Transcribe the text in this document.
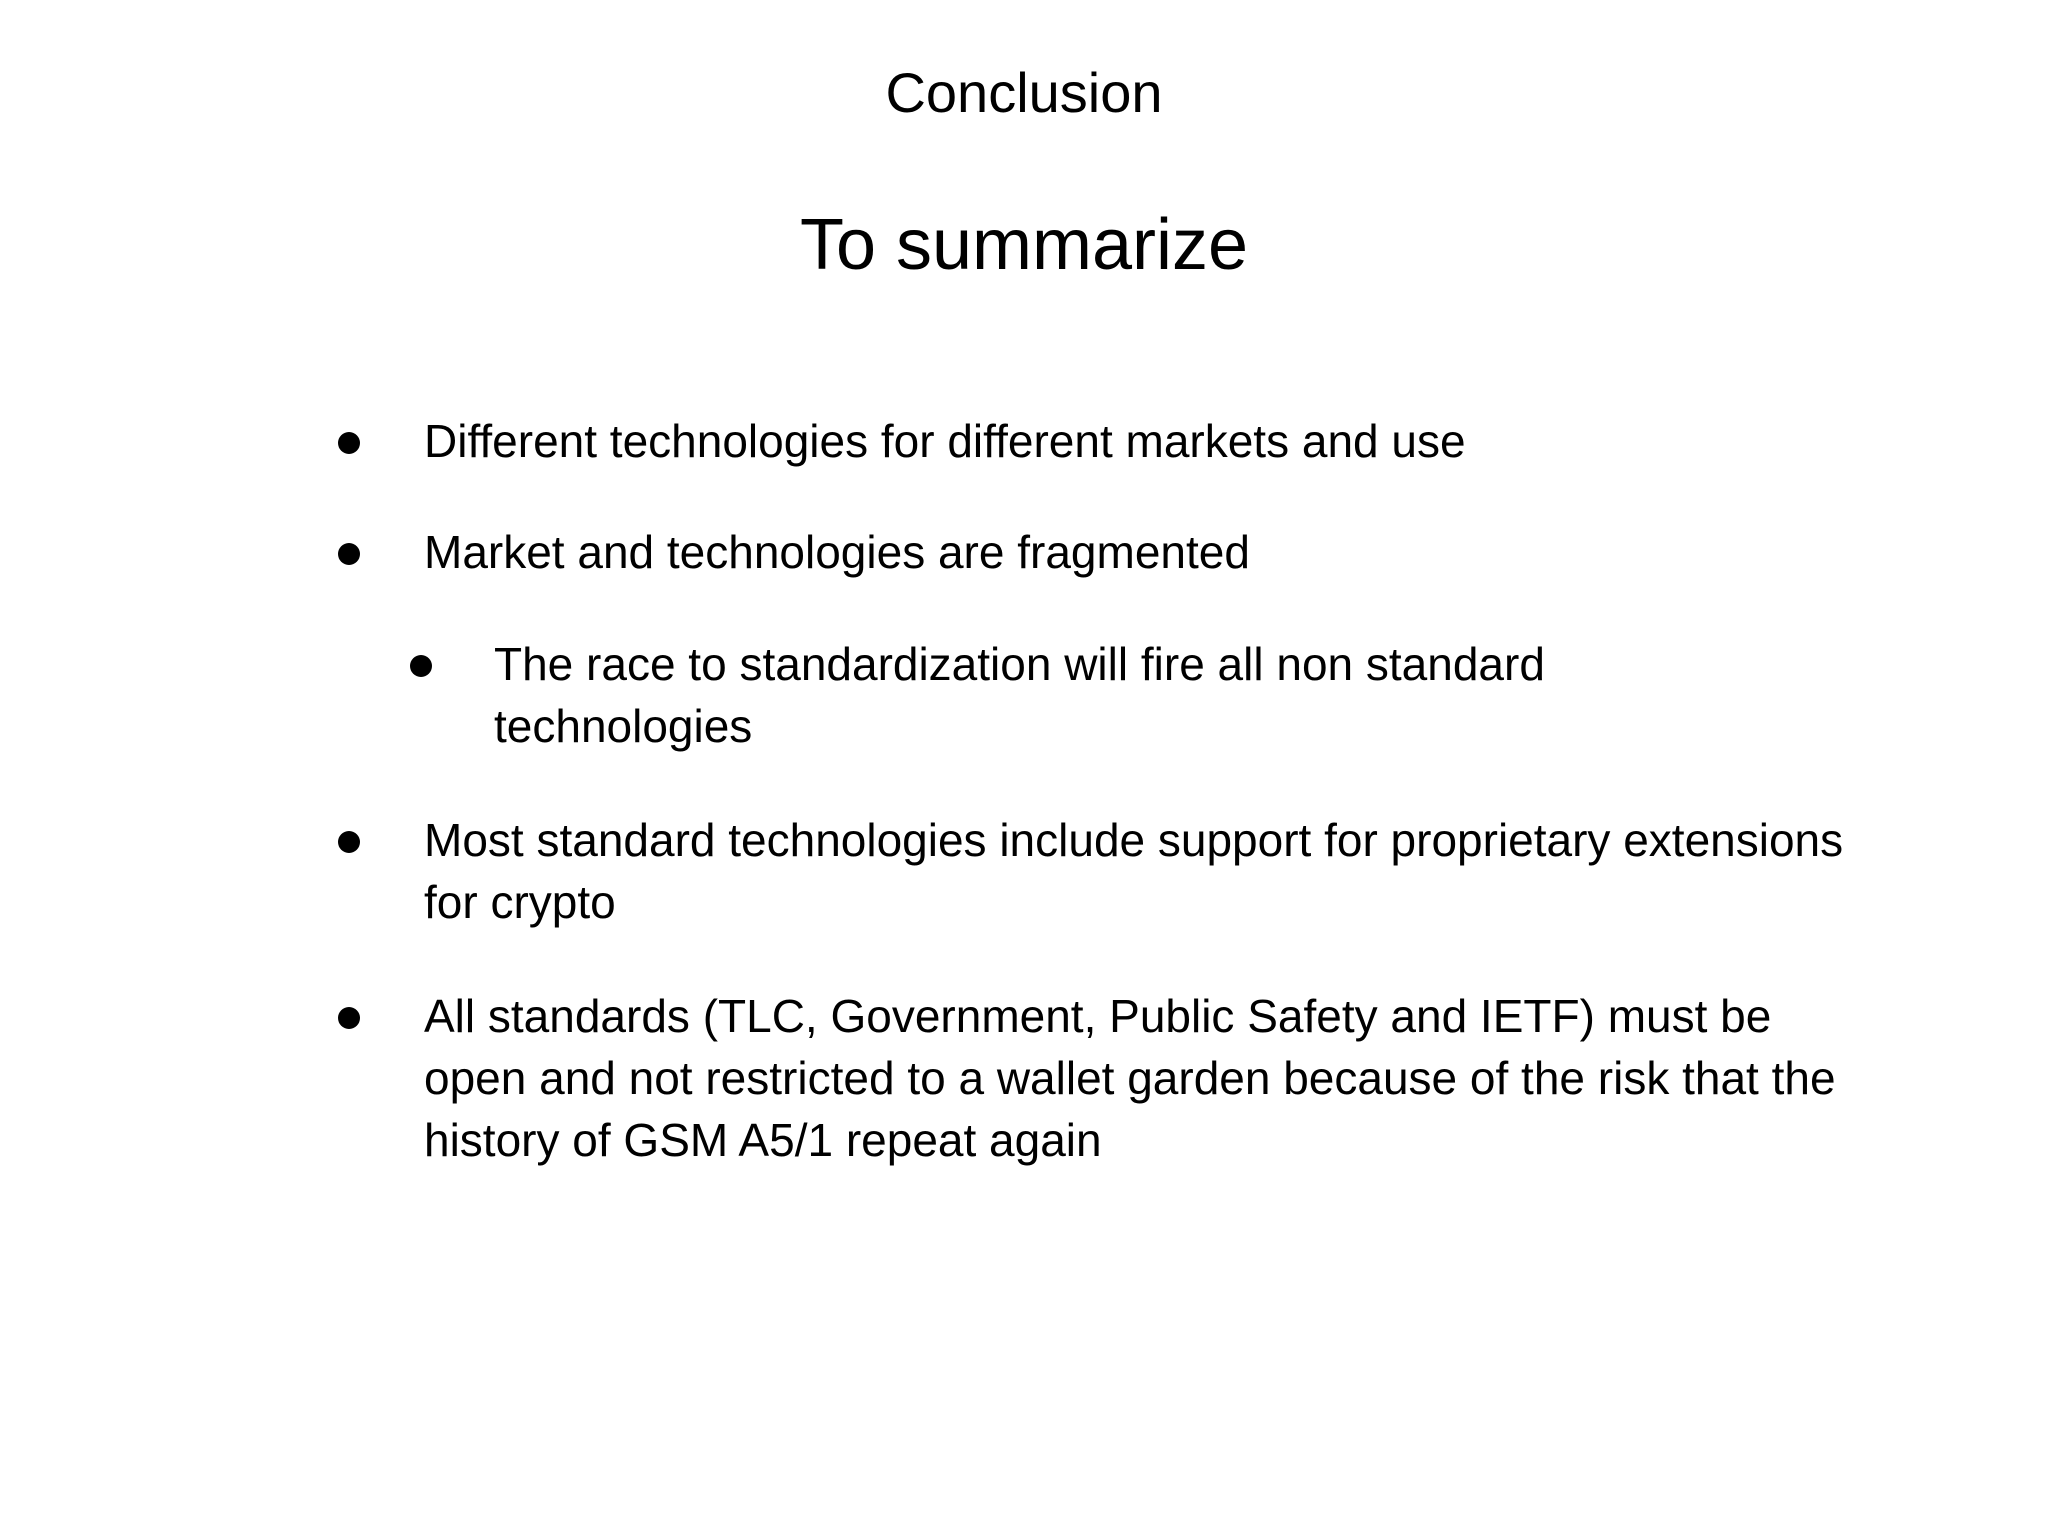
Conclusion
To summarize
Different technologies for different markets and use
Market and technologies are fragmented
The race to standardization will fire all non standard technologies
Most standard technologies include support for proprietary extensions for crypto
All standards (TLC, Government, Public Safety and IETF) must be open and not restricted to a wallet garden because of the risk that the history of GSM A5/1 repeat again
